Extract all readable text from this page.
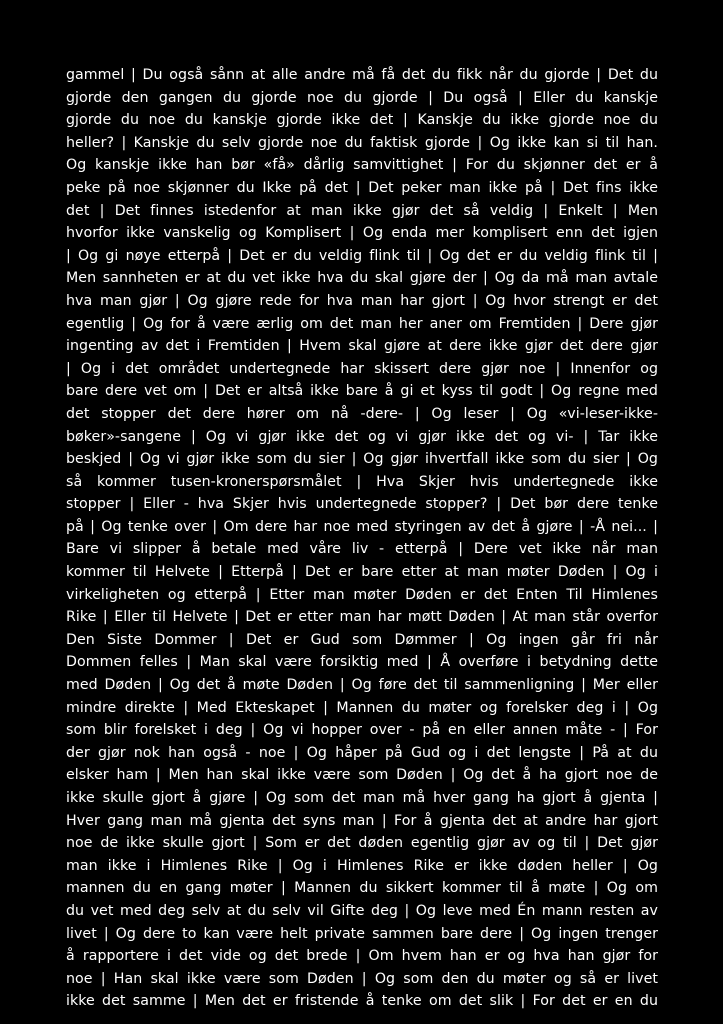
gammel | Du også sånn at alle andre må få det du fikk når du gjorde | Det du
gjorde den gangen du gjorde noe du gjorde | Du også | Eller du kanskje
gjorde du noe du kanskje gjorde ikke det | Kanskje du ikke gjorde noe du
heller? | Kanskje du selv gjorde noe du faktisk gjorde | Og ikke kan si til han.
Og kanskje ikke han bør «få» dårlig samvittighet | For du skjønner det er å
peke på noe skjønner du Ikke på det | Det peker man ikke på | Det fins ikke
det | Det finnes istedenfor at man ikke gjør det så veldig | Enkelt | Men
hvorfor ikke vanskelig og Komplisert | Og enda mer komplisert enn det igjen
| Og gi nøye etterpå | Det er du veldig flink til | Og det er du veldig flink til |
Men sannheten er at du vet ikke hva du skal gjøre der | Og da må man avtale
hva man gjør | Og gjøre rede for hva man har gjort | Og hvor strengt er det
egentlig | Og for å være ærlig om det man her aner om Fremtiden | Dere gjør
ingenting av det i Fremtiden | Hvem skal gjøre at dere ikke gjør det dere gjør
| Og i det området undertegnede har skissert dere gjør noe | Innenfor og
bare dere vet om | Det er altså ikke bare å gi et kyss til godt | Og regne med
det stopper det dere hører om nå -dere- | Og leser | Og «vi-leser-ikke-
bøker»-sangene | Og vi gjør ikke det og vi gjør ikke det og vi- | Tar ikke
beskjed | Og vi gjør ikke som du sier | Og gjør ihvertfall ikke som du sier | Og
så kommer tusen-kronerspørsmålet | Hva Skjer hvis undertegnede ikke
stopper | Eller - hva Skjer hvis undertegnede stopper? | Det bør dere tenke
på | Og tenke over | Om dere har noe med styringen av det å gjøre | -Å nei... |
Bare vi slipper å betale med våre liv - etterpå | Dere vet ikke når man
kommer til Helvete | Etterpå | Det er bare etter at man møter Døden | Og i
virkeligheten og etterpå | Etter man møter Døden er det Enten Til Himlenes
Rike | Eller til Helvete | Det er etter man har møtt Døden | At man står overfor
Den Siste Dommer | Det er Gud som Dømmer | Og ingen går fri når
Dommen felles | Man skal være forsiktig med | Å overføre i betydning dette
med Døden | Og det å møte Døden | Og føre det til sammenligning | Mer eller
mindre direkte | Med Ekteskapet | Mannen du møter og forelsker deg i | Og
som blir forelsket i deg | Og vi hopper over - på en eller annen måte - | For
der gjør nok han også - noe | Og håper på Gud og i det lengste | På at du
elsker ham | Men han skal ikke være som Døden | Og det å ha gjort noe de
ikke skulle gjort å gjøre | Og som det man må hver gang ha gjort å gjenta |
Hver gang man må gjenta det syns man | For å gjenta det at andre har gjort
noe de ikke skulle gjort | Som er det døden egentlig gjør av og til | Det gjør
man ikke i Himlenes Rike | Og i Himlenes Rike er ikke døden heller | Og
mannen du en gang møter | Mannen du sikkert kommer til å møte | Og om
du vet med deg selv at du selv vil Gifte deg | Og leve med Én mann resten av
livet | Og dere to kan være helt private sammen bare dere | Og ingen trenger
å rapportere i det vide og det brede | Om hvem han er og hva han gjør for
noe | Han skal ikke være som Døden | Og som den du møter og så er livet
ikke det samme | Men det er fristende å tenke om det slik | For det er en du
